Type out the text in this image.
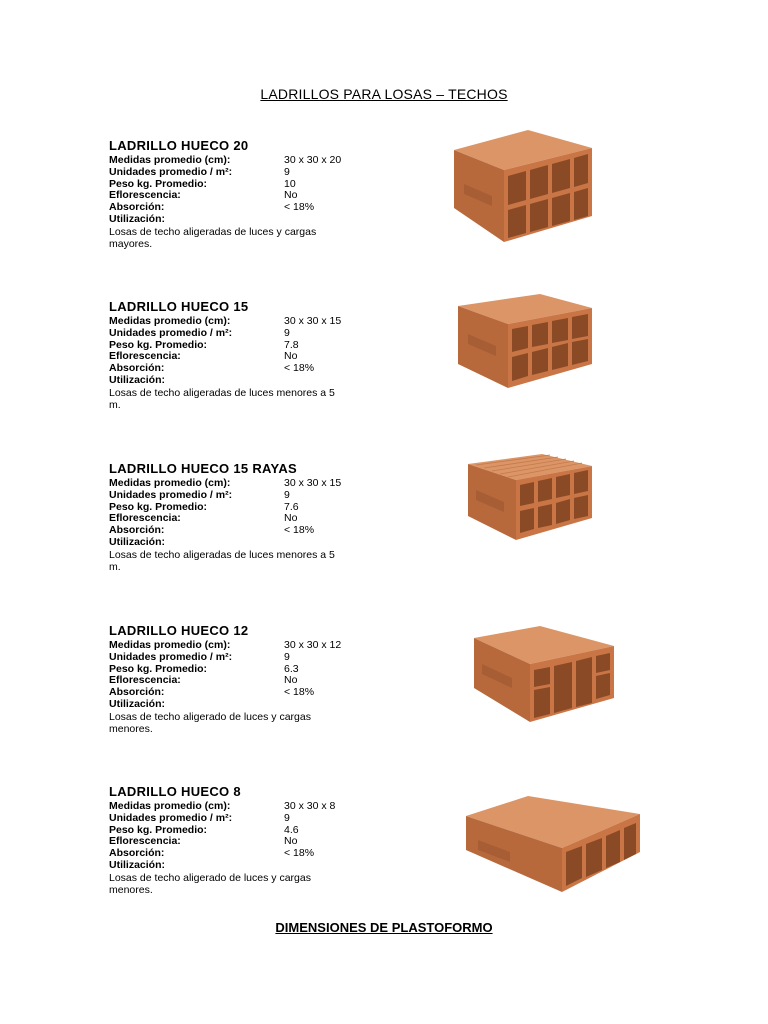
LADRILLOS PARA LOSAS – TECHOS
LADRILLO HUECO 20
Medidas promedio (cm):	30 x 30 x 20
Unidades promedio / m²:	9
Peso kg. Promedio:	10
Eflorescencia:	No
Absorción:	< 18%
Utilización:
Losas de techo aligeradas de luces y cargas mayores.
LADRILLO HUECO 15
Medidas promedio (cm):	30 x 30 x 15
Unidades promedio / m²:	9
Peso kg. Promedio:	7.8
Eflorescencia:	No
Absorción:	< 18%
Utilización:
Losas de techo aligeradas de luces menores a 5 m.
LADRILLO HUECO 15 RAYAS
Medidas promedio (cm):	30 x 30 x 15
Unidades promedio / m²:	9
Peso kg. Promedio:	7.6
Eflorescencia:	No
Absorción:	< 18%
Utilización:
Losas de techo aligeradas de luces menores a 5 m.
LADRILLO HUECO 12
Medidas promedio (cm):	30 x 30 x 12
Unidades promedio / m²:	9
Peso kg. Promedio:	6.3
Eflorescencia:	No
Absorción:	< 18%
Utilización:
Losas de techo aligerado de luces y cargas menores.
LADRILLO HUECO 8
Medidas promedio (cm):	30 x 30 x 8
Unidades promedio / m²:	9
Peso kg. Promedio:	4.6
Eflorescencia:	No
Absorción:	< 18%
Utilización:
Losas de techo aligerado de luces y cargas menores.
DIMENSIONES DE PLASTOFORMO
